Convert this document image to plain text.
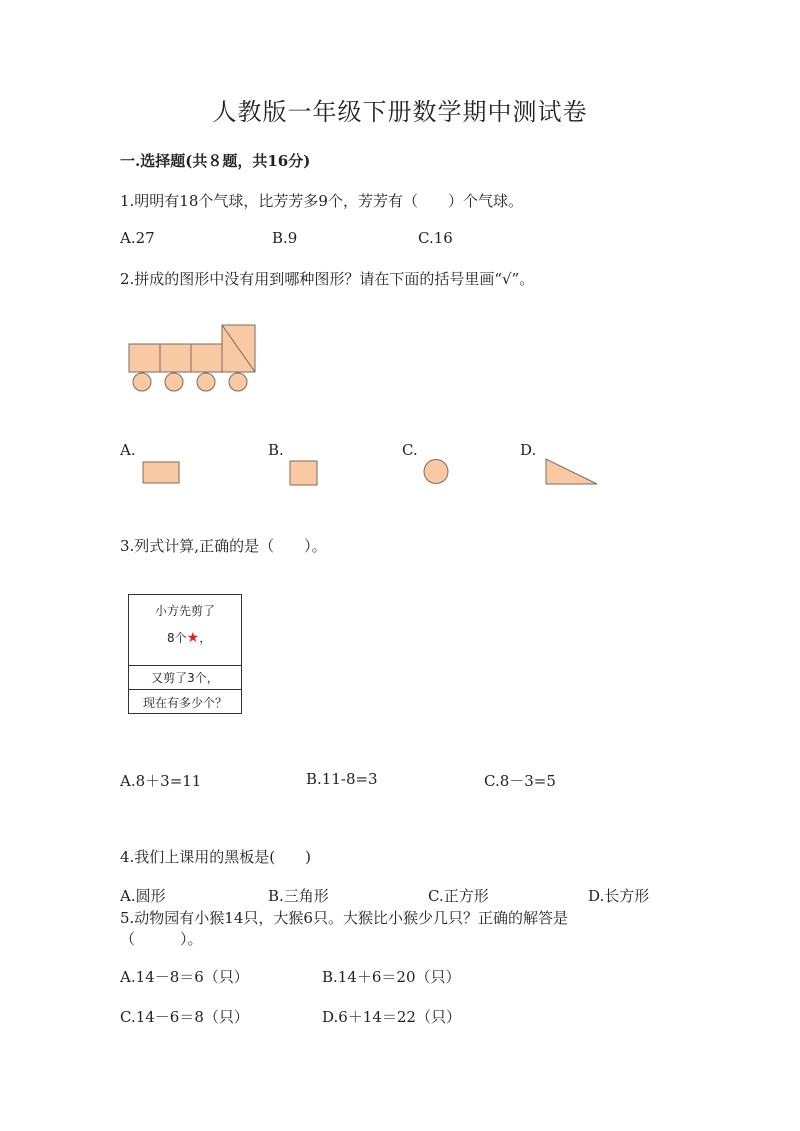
人教版一年级下册数学期中测试卷
一.选择题(共８题，共16分)
1.明明有18个气球，比芳芳多9个，芳芳有（　　）个气球。
A.27	B.9	C.16
2.拼成的图形中没有用到哪种图形？请在下面的括号里画“√”。
A.	B.	C.	D.
3.列式计算,正确的是（　　）。
小方先剪了
8个★，
又剪了3个，
现在有多少个？
A.8＋3=11	B.11-8=3	C.8－3=5
4.我们上课用的黑板是(　　)
A.圆形	B.三角形	C.正方形	D.长方形
5.动物园有小猴14只，大猴6只。大猴比小猴少几只？正确的解答是
（　　　）。
A.14－8＝6（只）	B.14＋6＝20（只）
C.14－6＝8（只）	D.6＋14＝22（只）
